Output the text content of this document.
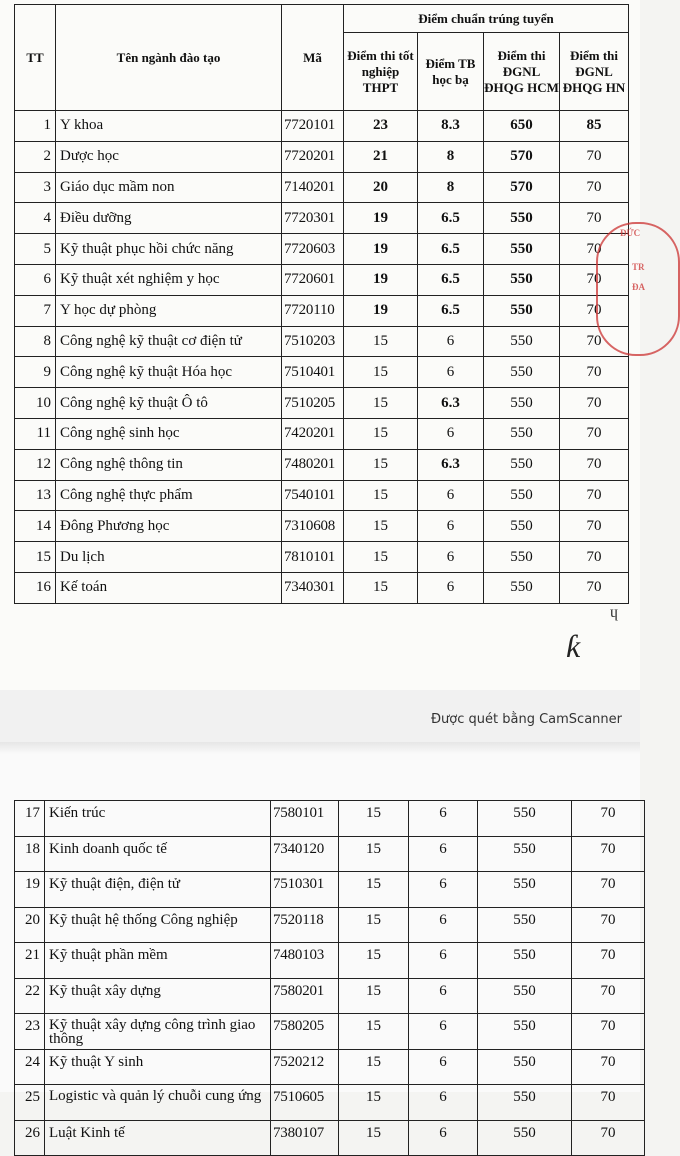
TT	Tên ngành đào tạo	Mã	Điểm chuẩn trúng tuyển			
			Điểm thi tốt nghiệp THPT	Điểm TB học bạ	Điểm thi ĐGNL ĐHQG HCM	Điểm thi ĐGNL ĐHQG HN
1	Y khoa	7720101	23	8.3	650	85
2	Dược học	7720201	21	8	570	70
3	Giáo dục mầm non	7140201	20	8	570	70
4	Điều dưỡng	7720301	19	6.5	550	70
5	Kỹ thuật phục hồi chức năng	7720603	19	6.5	550	70
6	Kỹ thuật xét nghiệm y học	7720601	19	6.5	550	70
7	Y học dự phòng	7720110	19	6.5	550	70
8	Công nghệ kỹ thuật cơ điện tử	7510203	15	6	550	70
9	Công nghệ kỹ thuật Hóa học	7510401	15	6	550	70
10	Công nghệ kỹ thuật Ô tô	7510205	15	6.3	550	70
11	Công nghệ sinh học	7420201	15	6	550	70
12	Công nghệ thông tin	7480201	15	6.3	550	70
13	Công nghệ thực phẩm	7540101	15	6	550	70
14	Đông Phương học	7310608	15	6	550	70
15	Du lịch	7810101	15	6	550	70
16	Kế toán	7340301	15	6	550	70
ĐỨC
TR
ĐA
ɥ
ƙ
Được quét bằng CamScanner
17	Kiến trúc	7580101	15	6	550	70
18	Kinh doanh quốc tế	7340120	15	6	550	70
19	Kỹ thuật điện, điện tử	7510301	15	6	550	70
20	Kỹ thuật hệ thống Công nghiệp	7520118	15	6	550	70
21	Kỹ thuật phần mềm	7480103	15	6	550	70
22	Kỹ thuật xây dựng	7580201	15	6	550	70
23	Kỹ thuật xây dựng công trình giao thông	7580205	15	6	550	70
24	Kỹ thuật Y sinh	7520212	15	6	550	70
25	Logistic và quản lý chuỗi cung ứng	7510605	15	6	550	70
26	Luật Kinh tế	7380107	15	6	550	70
